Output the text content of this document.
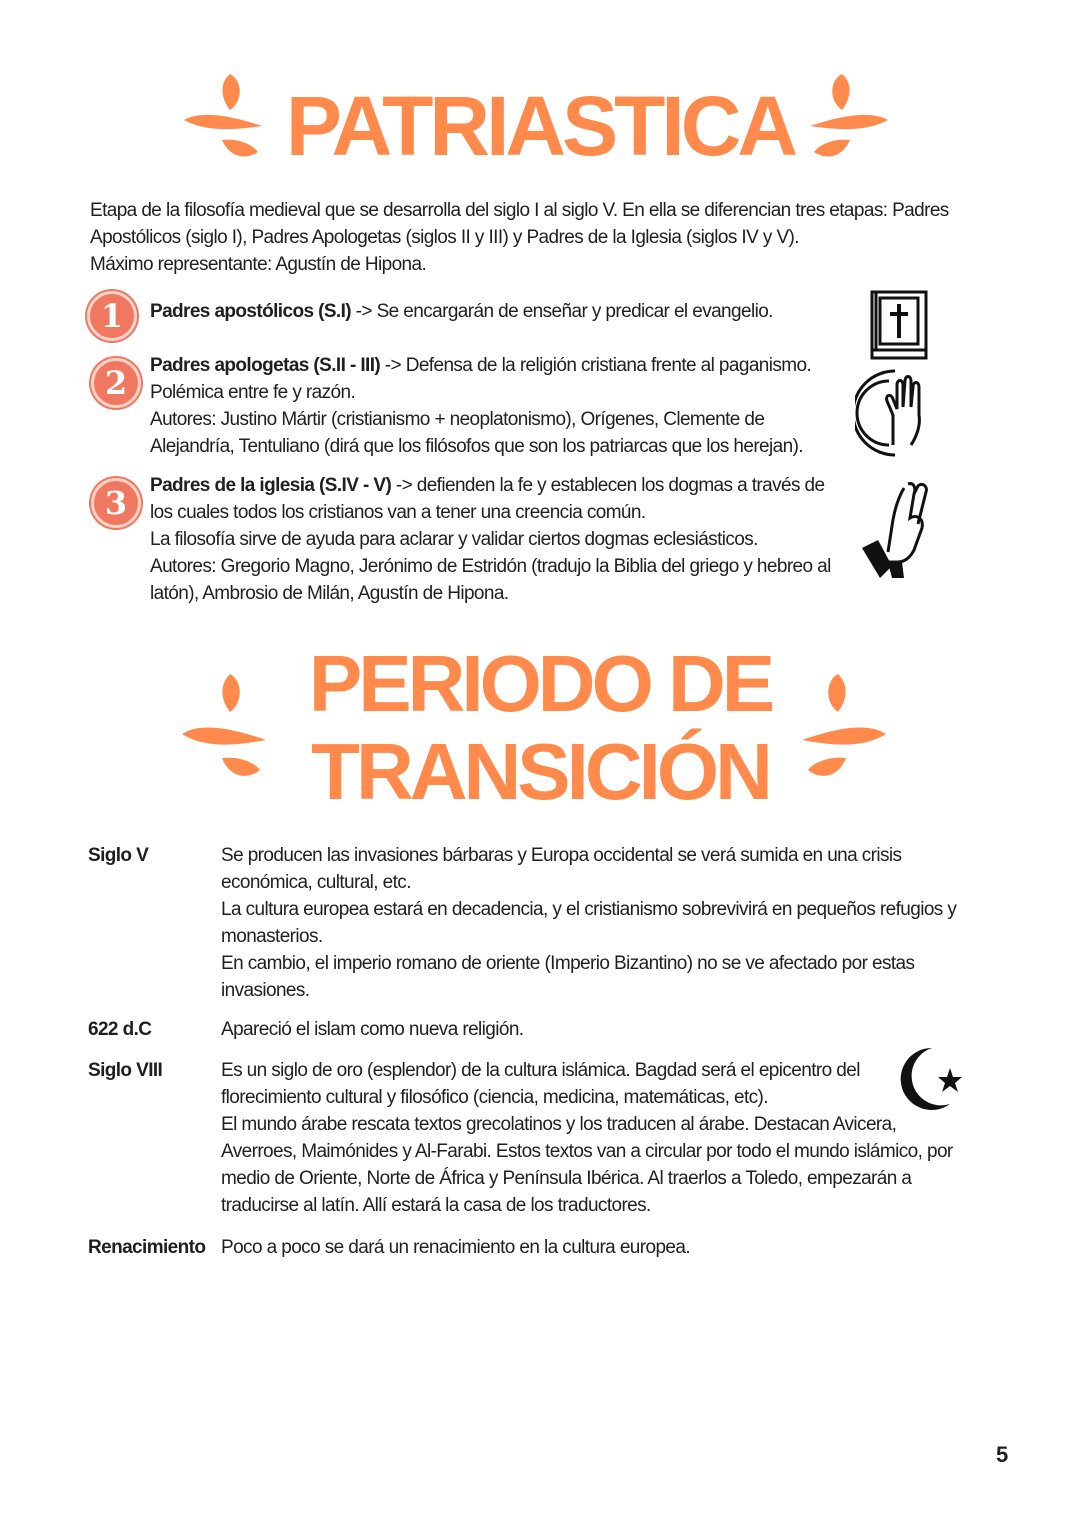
PATRIASTICA

Etapa de la filosofía medieval que se desarrolla del siglo I al siglo V. En ella se diferencian tres etapas: Padres Apostólicos (siglo I), Padres Apologetas (siglos II y III) y Padres de la Iglesia (siglos IV y V).

Máximo representante: Agustín de Hipona.

1	Padres apostólicos (S.I) -> Se encargarán de enseñar y predicar el evangelio.

2	Padres apologetas (S.II - III) -> Defensa de la religión cristiana frente al paganismo.

Polémica entre fe y razón.

Autores: Justino Mártir (cristianismo + neoplatonismo), Orígenes, Clemente de Alejandría, Tentuliano (dirá que los filósofos que son los patriarcas que los herejan).

3	Padres de la iglesia (S.IV - V) -> defienden la fe y establecen los dogmas a través de los cuales todos los cristianos van a tener una creencia común.

La filosofía sirve de ayuda para aclarar y validar ciertos dogmas eclesiásticos.

Autores: Gregorio Magno, Jerónimo de Estridón (tradujo la Biblia del griego y hebreo al latón), Ambrosio de Milán, Agustín de Hipona.

PERIODO DE
TRANSICIÓN
Siglo V	Se producen las invasiones bárbaras y Europa occidental se verá sumida en una crisis económica, cultural, etc.

La cultura europea estará en decadencia, y el cristianismo sobrevivirá en pequeños refugios y monasterios.

En cambio, el imperio romano de oriente (Imperio Bizantino) no se ve afectado por estas invasiones.

622 d.C	Apareció el islam como nueva religión.

Siglo VIII	Es un siglo de oro (esplendor) de la cultura islámica. Bagdad será el epicentro del florecimiento cultural y filosófico (ciencia, medicina, matemáticas, etc).

El mundo árabe rescata textos grecolatinos y los traducen al árabe. Destacan Avicera, Averroes, Maimónides y Al-Farabi. Estos textos van a circular por todo el mundo islámico, por medio de Oriente, Norte de África y Península Ibérica. Al traerlos a Toledo, empezarán a traducirse al latín. Allí estará la casa de los traductores.

Renacimiento Poco a poco se dará un renacimiento en la cultura europea.

5
